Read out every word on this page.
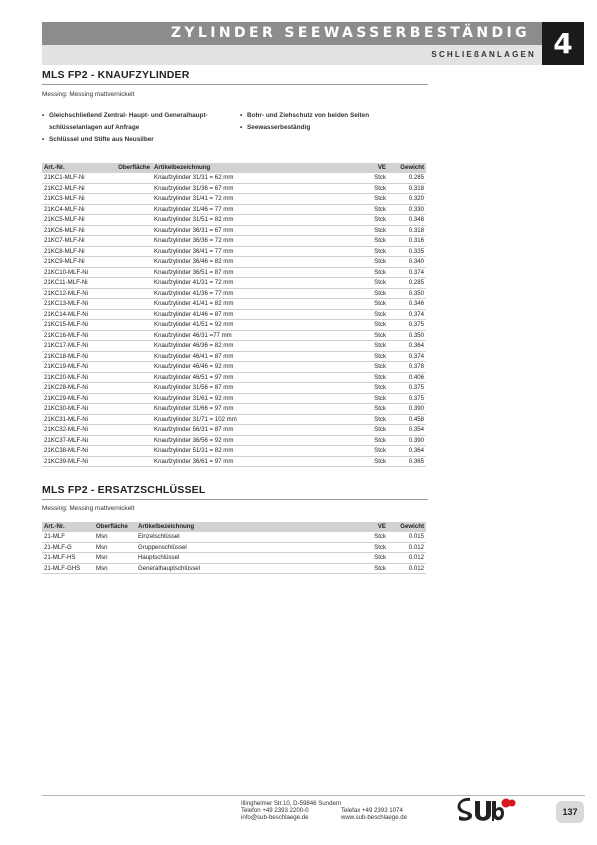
ZYLINDER SEEWASSERBESTÄNDIG
SCHLIEßANLAGEN 4
MLS FP2 - KNAUFZYLINDER
Messing: Messing mattvernickelt
• Gleichschließend Zentral- Haupt- und Generalhaupt-
schlüsselanlagen auf Anfrage
• Schlüssel und Stifte aus Neusilber
• Bohr- und Ziehschutz von beiden Seiten
• Seewasserbeständig
Art.-Nr.	Oberfläche	Artikelbezeichnung	VE	Gewicht
21KC1-MLF-Ni		Knaufzylinder 31/31 = 62 mm	Stck	0.285
21KC2-MLF-Ni		Knaufzylinder 31/36 = 67 mm	Stck	0.318
21KC3-MLF-Ni		Knaufzylinder 31/41 = 72 mm	Stck	0.320
21KC4-MLF-Ni		Knaufzylinder 31/46 = 77 mm	Stck	0.330
21KC5-MLF-Ni		Knaufzylinder 31/51 = 82 mm	Stck	0.348
21KC6-MLF-Ni		Knaufzylinder 36/31 = 67 mm	Stck	0.318
21KC7-MLF-Ni		Knaufzylinder 36/36 = 72 mm	Stck	0.316
21KC8-MLF-Ni		Knaufzylinder 36/41 = 77 mm	Stck	0.335
21KC9-MLF-Ni		Knaufzylinder 36/46 = 82 mm	Stck	0.340
21KC10-MLF-Ni		Knaufzylinder 36/51 = 87 mm	Stck	0.374
21KC11-MLF-Ni		Knaufzylinder 41/31 = 72 mm	Stck	0.285
21KC12-MLF-Ni		Knaufzylinder 41/36 = 77 mm	Stck	0.350
21KC13-MLF-Ni		Knaufzylinder 41/41 = 82 mm	Stck	0.346
21KC14-MLF-Ni		Knaufzylinder 41/46 = 87 mm	Stck	0.374
21KC15-MLF-Ni		Knaufzylinder 41/51 = 92 mm	Stck	0.375
21KC16-MLF-Ni		Knaufzylinder 46/31 =77 mm	Stck	0.350
21KC17-MLF-Ni		Knaufzylinder 46/36 = 82 mm	Stck	0.364
21KC18-MLF-Ni		Knaufzylinder 46/41 = 87 mm	Stck	0.374
21KC19-MLF-Ni		Knaufzylinder 46/46 = 92 mm	Stck	0.378
21KC20-MLF-Ni		Knaufzylinder 46/51 = 97 mm	Stck	0.406
21KC28-MLF-Ni		Knaufzylinder 31/56 = 87 mm	Stck	0.375
21KC29-MLF-Ni		Knaufzylinder 31/61 = 92 mm	Stck	0.375
21KC30-MLF-Ni		Knaufzylinder 31/66 = 97 mm	Stck	0.390
21KC31-MLF-Ni		Knaufzylinder 31/71 = 102 mm	Stck	0.458
21KC32-MLF-Ni		Knaufzylinder 56/31 = 87 mm	Stck	0.354
21KC37-MLF-Ni		Knaufzylinder 36/56 = 92 mm	Stck	0.390
21KC38-MLF-Ni		Knaufzylinder 51/31 = 82 mm	Stck	0.364
21KC39-MLF-Ni		Knaufzylinder 36/61 = 97 mm	Stck	0.365
MLS FP2 - ERSATZSCHLÜSSEL
Messing: Messing mattvernickelt
Art.-Nr.	Oberfläche	Artikelbezeichnung	VE	Gewicht
21-MLF	Msn	Einzelschlüssel	Stck	0.015
21-MLF-G	Msn	Gruppenschlüssel	Stck	0.012
21-MLF-HS	Msn	Hauptschlüssel	Stck	0.012
21-MLF-GHS	Msn	Generalhauptschlüssel	Stck	0.012
Illingheimer Str.10, D-59846 Sundern
Telefon +49 2393 2200-0
info@sub-beschlaege.de
Telefax +49 2393 1074
www.sub-beschlaege.de
137
